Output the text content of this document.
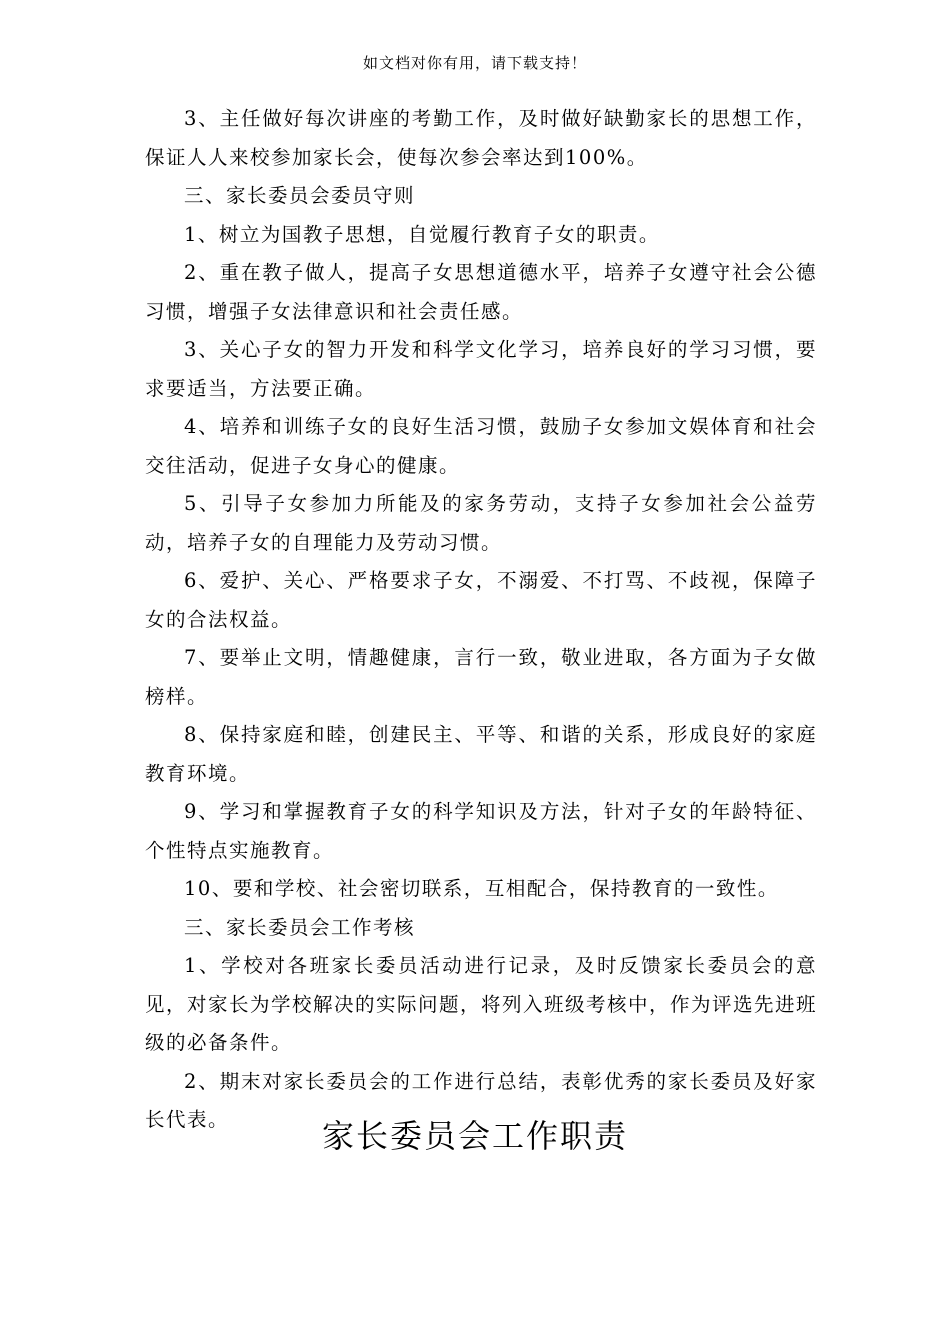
如文档对你有用，请下载支持！

3、主任做好每次讲座的考勤工作，及时做好缺勤家长的思想工作，保证人人来校参加家长会，使每次参会率达到100%。

三、家长委员会委员守则

1、树立为国教子思想，自觉履行教育子女的职责。

2、重在教子做人，提高子女思想道德水平，培养子女遵守社会公德习惯，增强子女法律意识和社会责任感。

3、关心子女的智力开发和科学文化学习，培养良好的学习习惯，要求要适当，方法要正确。

4、培养和训练子女的良好生活习惯，鼓励子女参加文娱体育和社会交往活动，促进子女身心的健康。

5、引导子女参加力所能及的家务劳动，支持子女参加社会公益劳动，培养子女的自理能力及劳动习惯。

6、爱护、关心、严格要求子女，不溺爱、不打骂、不歧视，保障子女的合法权益。

7、要举止文明，情趣健康，言行一致，敬业进取，各方面为子女做榜样。

8、保持家庭和睦，创建民主、平等、和谐的关系，形成良好的家庭教育环境。

9、学习和掌握教育子女的科学知识及方法，针对子女的年龄特征、个性特点实施教育。

10、要和学校、社会密切联系，互相配合，保持教育的一致性。

三、家长委员会工作考核

1、学校对各班家长委员活动进行记录，及时反馈家长委员会的意见，对家长为学校解决的实际问题，将列入班级考核中，作为评选先进班级的必备条件。

2、期末对家长委员会的工作进行总结，表彰优秀的家长委员及好家长代表。	家长委员会工作职责
